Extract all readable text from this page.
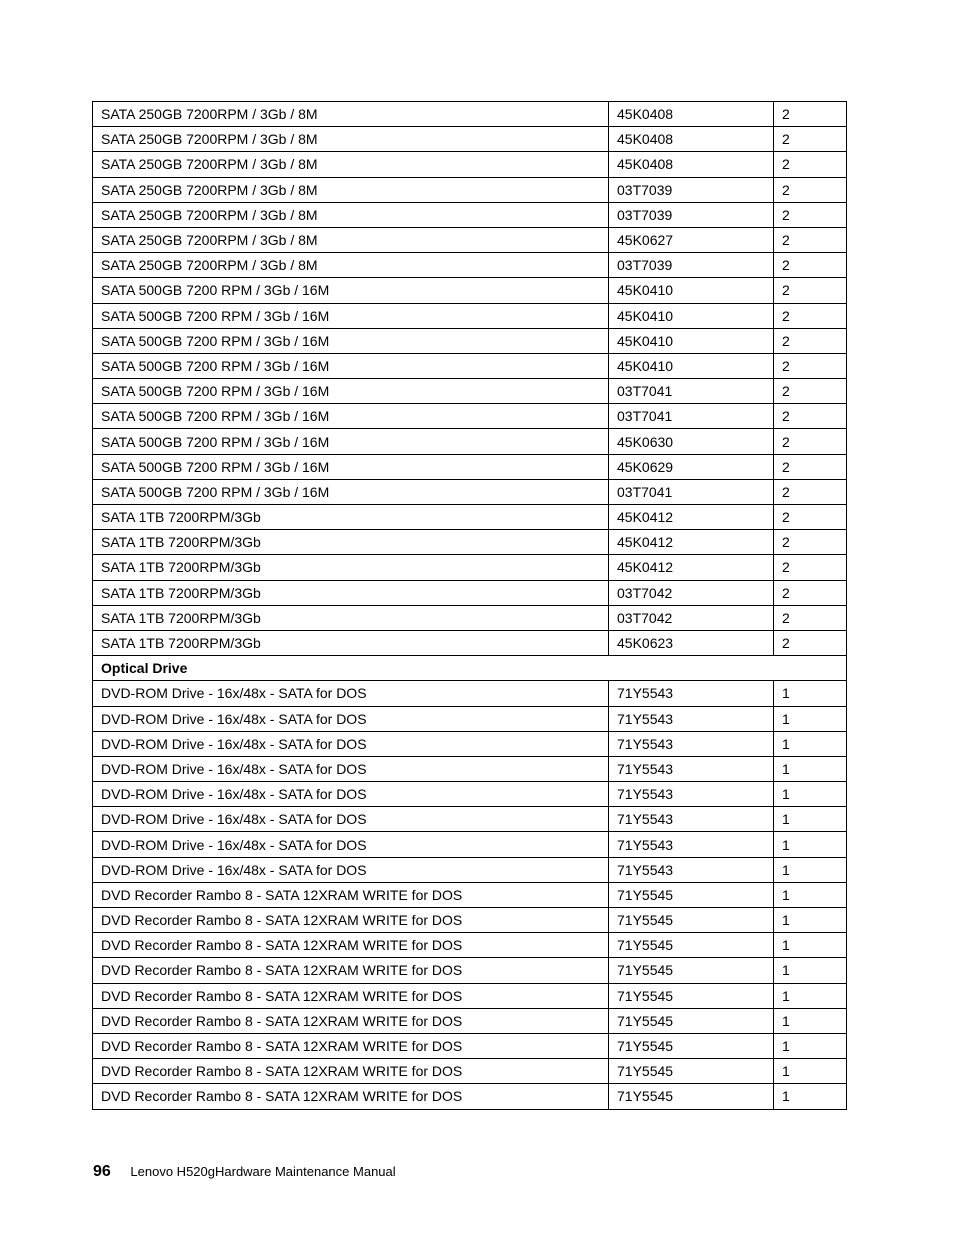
SATA 250GB 7200RPM / 3Gb / 8M	45K0408	2
SATA 250GB 7200RPM / 3Gb / 8M	45K0408	2
SATA 250GB 7200RPM / 3Gb / 8M	45K0408	2
SATA 250GB 7200RPM / 3Gb / 8M	03T7039	2
SATA 250GB 7200RPM / 3Gb / 8M	03T7039	2
SATA 250GB 7200RPM / 3Gb / 8M	45K0627	2
SATA 250GB 7200RPM / 3Gb / 8M	03T7039	2
SATA 500GB 7200 RPM / 3Gb / 16M	45K0410	2
SATA 500GB 7200 RPM / 3Gb / 16M	45K0410	2
SATA 500GB 7200 RPM / 3Gb / 16M	45K0410	2
SATA 500GB 7200 RPM / 3Gb / 16M	45K0410	2
SATA 500GB 7200 RPM / 3Gb / 16M	03T7041	2
SATA 500GB 7200 RPM / 3Gb / 16M	03T7041	2
SATA 500GB 7200 RPM / 3Gb / 16M	45K0630	2
SATA 500GB 7200 RPM / 3Gb / 16M	45K0629	2
SATA 500GB 7200 RPM / 3Gb / 16M	03T7041	2
SATA 1TB 7200RPM/3Gb	45K0412	2
SATA 1TB 7200RPM/3Gb	45K0412	2
SATA 1TB 7200RPM/3Gb	45K0412	2
SATA 1TB 7200RPM/3Gb	03T7042	2
SATA 1TB 7200RPM/3Gb	03T7042	2
SATA 1TB 7200RPM/3Gb	45K0623	2
Optical Drive		
DVD-ROM Drive - 16x/48x - SATA for DOS	71Y5543	1
DVD-ROM Drive - 16x/48x - SATA for DOS	71Y5543	1
DVD-ROM Drive - 16x/48x - SATA for DOS	71Y5543	1
DVD-ROM Drive - 16x/48x - SATA for DOS	71Y5543	1
DVD-ROM Drive - 16x/48x - SATA for DOS	71Y5543	1
DVD-ROM Drive - 16x/48x - SATA for DOS	71Y5543	1
DVD-ROM Drive - 16x/48x - SATA for DOS	71Y5543	1
DVD-ROM Drive - 16x/48x - SATA for DOS	71Y5543	1
DVD Recorder Rambo 8 - SATA 12XRAM WRITE for DOS	71Y5545	1
DVD Recorder Rambo 8 - SATA 12XRAM WRITE for DOS	71Y5545	1
DVD Recorder Rambo 8 - SATA 12XRAM WRITE for DOS	71Y5545	1
DVD Recorder Rambo 8 - SATA 12XRAM WRITE for DOS	71Y5545	1
DVD Recorder Rambo 8 - SATA 12XRAM WRITE for DOS	71Y5545	1
DVD Recorder Rambo 8 - SATA 12XRAM WRITE for DOS	71Y5545	1
DVD Recorder Rambo 8 - SATA 12XRAM WRITE for DOS	71Y5545	1
DVD Recorder Rambo 8 - SATA 12XRAM WRITE for DOS	71Y5545	1
DVD Recorder Rambo 8 - SATA 12XRAM WRITE for DOS	71Y5545	1
96 Lenovo H520gHardware Maintenance Manual
